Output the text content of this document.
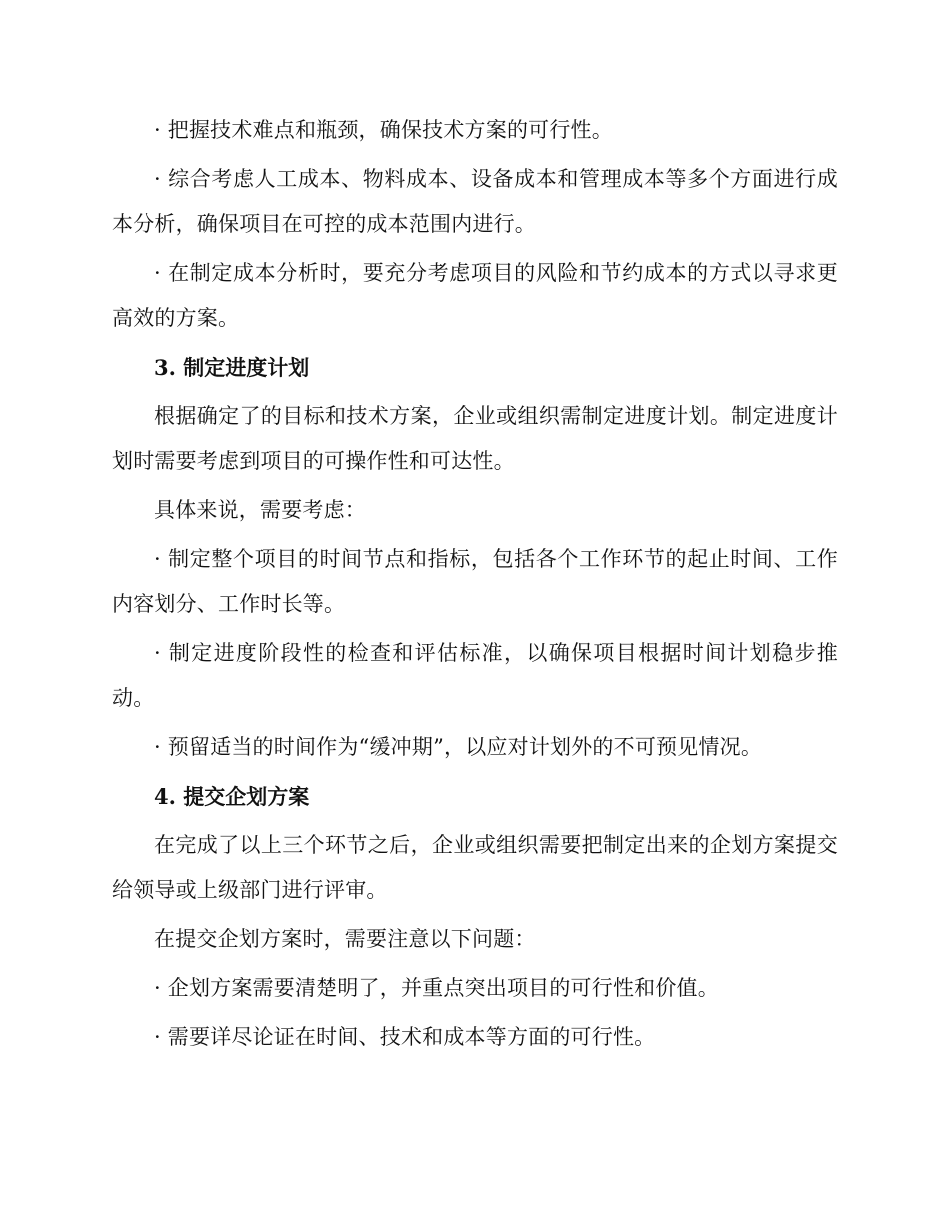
· 把握技术难点和瓶颈，确保技术方案的可行性。

· 综合考虑人工成本、物料成本、设备成本和管理成本等多个方面进行成本分析，确保项目在可控的成本范围内进行。

· 在制定成本分析时，要充分考虑项目的风险和节约成本的方式以寻求更高效的方案。

3. 制定进度计划

根据确定了的目标和技术方案，企业或组织需制定进度计划。制定进度计划时需要考虑到项目的可操作性和可达性。

具体来说，需要考虑：

· 制定整个项目的时间节点和指标，包括各个工作环节的起止时间、工作内容划分、工作时长等。

· 制定进度阶段性的检查和评估标准，以确保项目根据时间计划稳步推动。

· 预留适当的时间作为“缓冲期”，以应对计划外的不可预见情况。

4. 提交企划方案

在完成了以上三个环节之后，企业或组织需要把制定出来的企划方案提交给领导或上级部门进行评审。

在提交企划方案时，需要注意以下问题：

· 企划方案需要清楚明了，并重点突出项目的可行性和价值。

· 需要详尽论证在时间、技术和成本等方面的可行性。
